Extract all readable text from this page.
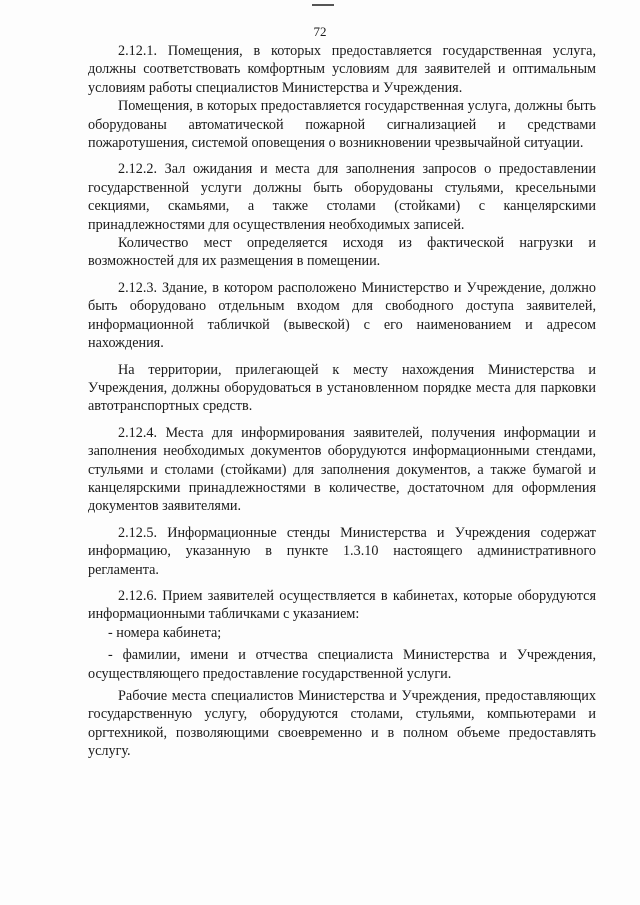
72

2.12.1. Помещения, в которых предоставляется государственная услуга, должны соответствовать комфортным условиям для заявителей и оптимальным условиям работы специалистов Министерства и Учреждения.

Помещения, в которых предоставляется государственная услуга, должны быть оборудованы автоматической пожарной сигнализацией и средствами пожаротушения, системой оповещения о возникновении чрезвычайной ситуации.

2.12.2. Зал ожидания и места для заполнения запросов о предоставлении государственной услуги должны быть оборудованы стульями, кресельными секциями, скамьями, а также столами (стойками) с канцелярскими принадлежностями для осуществления необходимых записей.

Количество мест определяется исходя из фактической нагрузки и возможностей для их размещения в помещении.

2.12.3. Здание, в котором расположено Министерство и Учреждение, должно быть оборудовано отдельным входом для свободного доступа заявителей, информационной табличкой (вывеской) с его наименованием и адресом нахождения.

На территории, прилегающей к месту нахождения Министерства и Учреждения, должны оборудоваться в установленном порядке места для парковки автотранспортных средств.

2.12.4. Места для информирования заявителей, получения информации и заполнения необходимых документов оборудуются информационными стендами, стульями и столами (стойками) для заполнения документов, а также бумагой и канцелярскими принадлежностями в количестве, достаточном для оформления документов заявителями.

2.12.5. Информационные стенды Министерства и Учреждения содержат информацию, указанную в пункте 1.3.10 настоящего административного регламента.

2.12.6. Прием заявителей осуществляется в кабинетах, которые оборудуются информационными табличками с указанием:

- номера кабинета;

- фамилии, имени и отчества специалиста Министерства и Учреждения, осуществляющего предоставление государственной услуги.

Рабочие места специалистов Министерства и Учреждения, предоставляющих государственную услугу, оборудуются столами, стульями, компьютерами и оргтехникой, позволяющими своевременно и в полном объеме предоставлять услугу.
